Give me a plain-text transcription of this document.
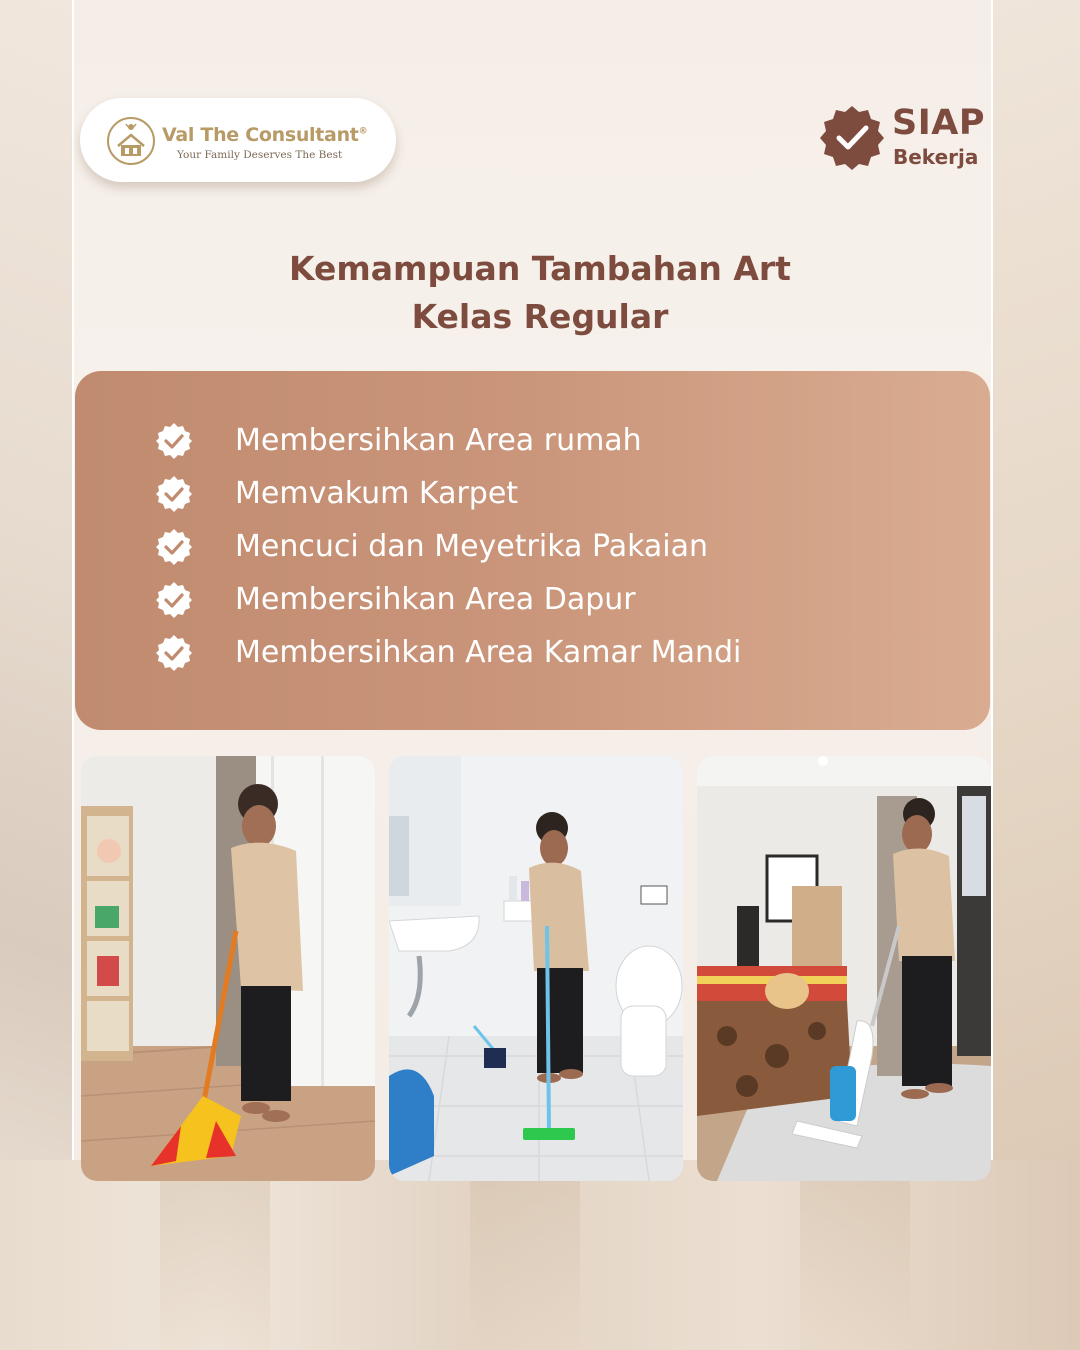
Val The Consultant®
Your Family Deserves The Best
SIAP
Bekerja
Kemampuan Tambahan Art
Kelas Regular
Membersihkan Area rumah
Memvakum Karpet
Mencuci dan Meyetrika Pakaian
Membersihkan Area Dapur
Membersihkan Area Kamar Mandi
